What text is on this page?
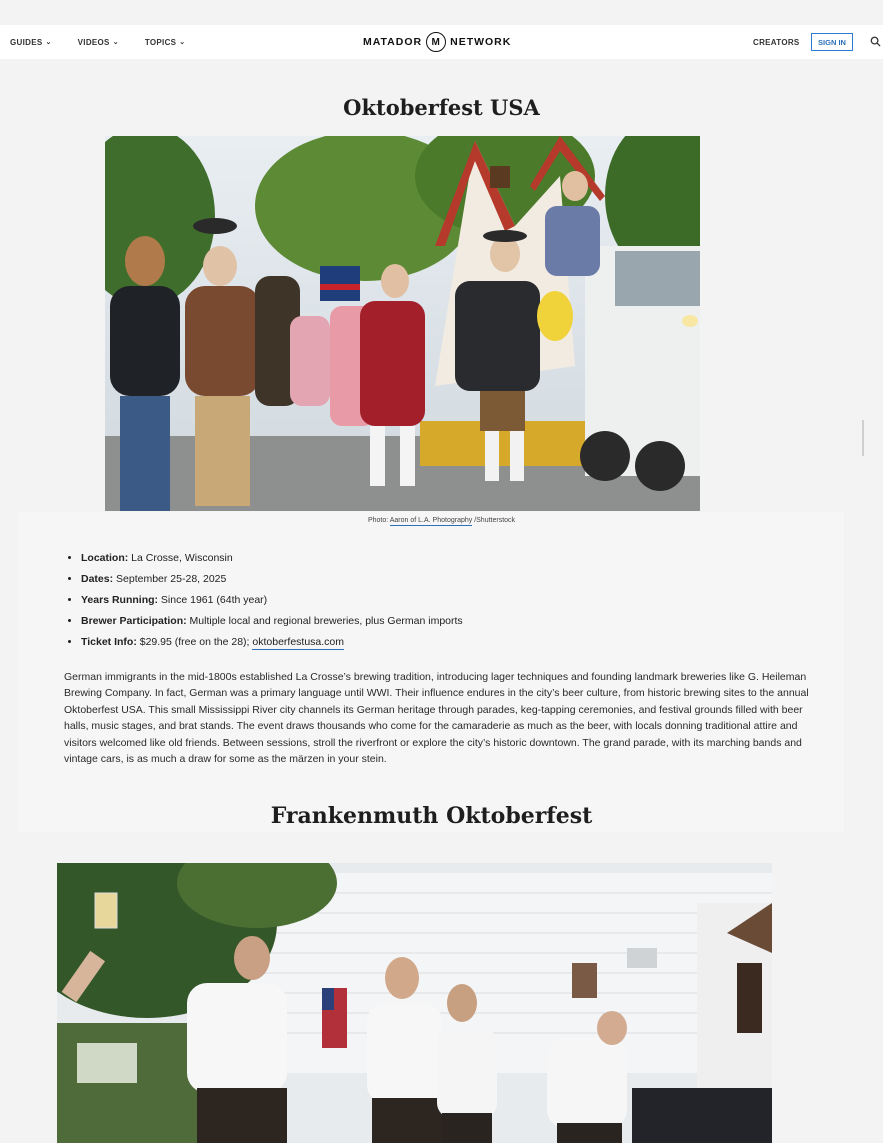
GUIDES ⌄	VIDEOS ⌄	TOPICS ⌄	MATADOR M NETWORK	CREATORS	SIGN IN
Oktoberfest USA
Photo: Aaron of L.A. Photography /Shutterstock
• Location: La Crosse, Wisconsin
• Dates: September 25-28, 2025
• Years Running: Since 1961 (64th year)
• Brewer Participation: Multiple local and regional breweries, plus German imports
• Ticket Info: $29.95 (free on the 28); oktoberfestusa.com

German immigrants in the mid-1800s established La Crosse’s brewing tradition, introducing lager techniques and founding landmark breweries like G. Heileman Brewing Company. In fact, German was a primary language until WWI. Their influence endures in the city’s beer culture, from historic brewing sites to the annual Oktoberfest USA. This small Mississippi River city channels its German heritage through parades, keg-tapping ceremonies, and festival grounds filled with beer halls, music stages, and brat stands. The event draws thousands who come for the camaraderie as much as the beer, with locals donning traditional attire and visitors welcomed like old friends. Between sessions, stroll the riverfront or explore the city’s historic downtown. The grand parade, with its marching bands and vintage cars, is as much a draw for some as the märzen in your stein.

Frankenmuth Oktoberfest
